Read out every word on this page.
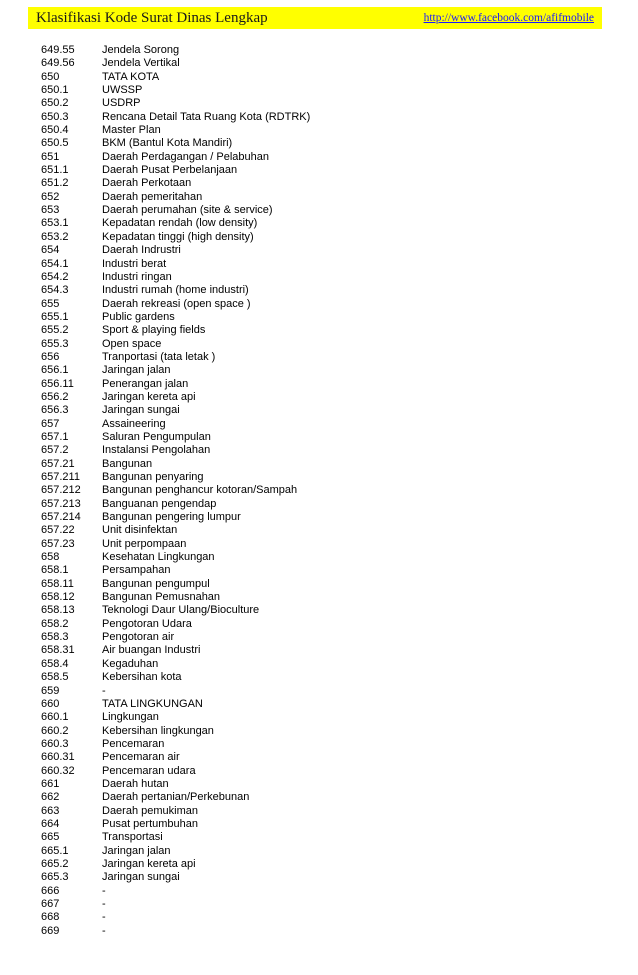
Klasifikasi Kode Surat Dinas Lengkap	http://www.facebook.com/afifmobile
649.55	Jendela Sorong
649.56	Jendela Vertikal
650	TATA KOTA
650.1	UWSSP
650.2	USDRP
650.3	Rencana Detail Tata Ruang Kota (RDTRK)
650.4	Master Plan
650.5	BKM (Bantul Kota Mandiri)
651	Daerah Perdagangan / Pelabuhan
651.1	Daerah Pusat Perbelanjaan
651.2	Daerah Perkotaan
652	Daerah pemeritahan
653	Daerah perumahan (site & service)
653.1	Kepadatan rendah (low density)
653.2	Kepadatan tinggi (high density)
654	Daerah Indrustri
654.1	Industri berat
654.2	Industri ringan
654.3	Industri rumah (home industri)
655	Daerah rekreasi (open space )
655.1	Public gardens
655.2	Sport & playing fields
655.3	Open space
656	Tranportasi (tata letak )
656.1	Jaringan jalan
656.11	Penerangan jalan
656.2	Jaringan kereta api
656.3	Jaringan sungai
657	Assaineering
657.1	Saluran Pengumpulan
657.2	Instalansi Pengolahan
657.21	Bangunan
657.211	Bangunan penyaring
657.212	Bangunan penghancur kotoran/Sampah
657.213	Banguanan pengendap
657.214	Bangunan pengering lumpur
657.22	Unit disinfektan
657.23	Unit perpompaan
658	Kesehatan Lingkungan
658.1	Persampahan
658.11	Bangunan pengumpul
658.12	Bangunan Pemusnahan
658.13	Teknologi Daur Ulang/Bioculture
658.2	Pengotoran Udara
658.3	Pengotoran air
658.31	Air buangan Industri
658.4	Kegaduhan
658.5	Kebersihan kota
659	-
660	TATA LINGKUNGAN
660.1	Lingkungan
660.2	Kebersihan lingkungan
660.3	Pencemaran
660.31	Pencemaran air
660.32	Pencemaran udara
661	Daerah hutan
662	Daerah pertanian/Perkebunan
663	Daerah pemukiman
664	Pusat pertumbuhan
665	Transportasi
665.1	Jaringan jalan
665.2	Jaringan kereta api
665.3	Jaringan sungai
666	-
667	-
668	-
669	-
